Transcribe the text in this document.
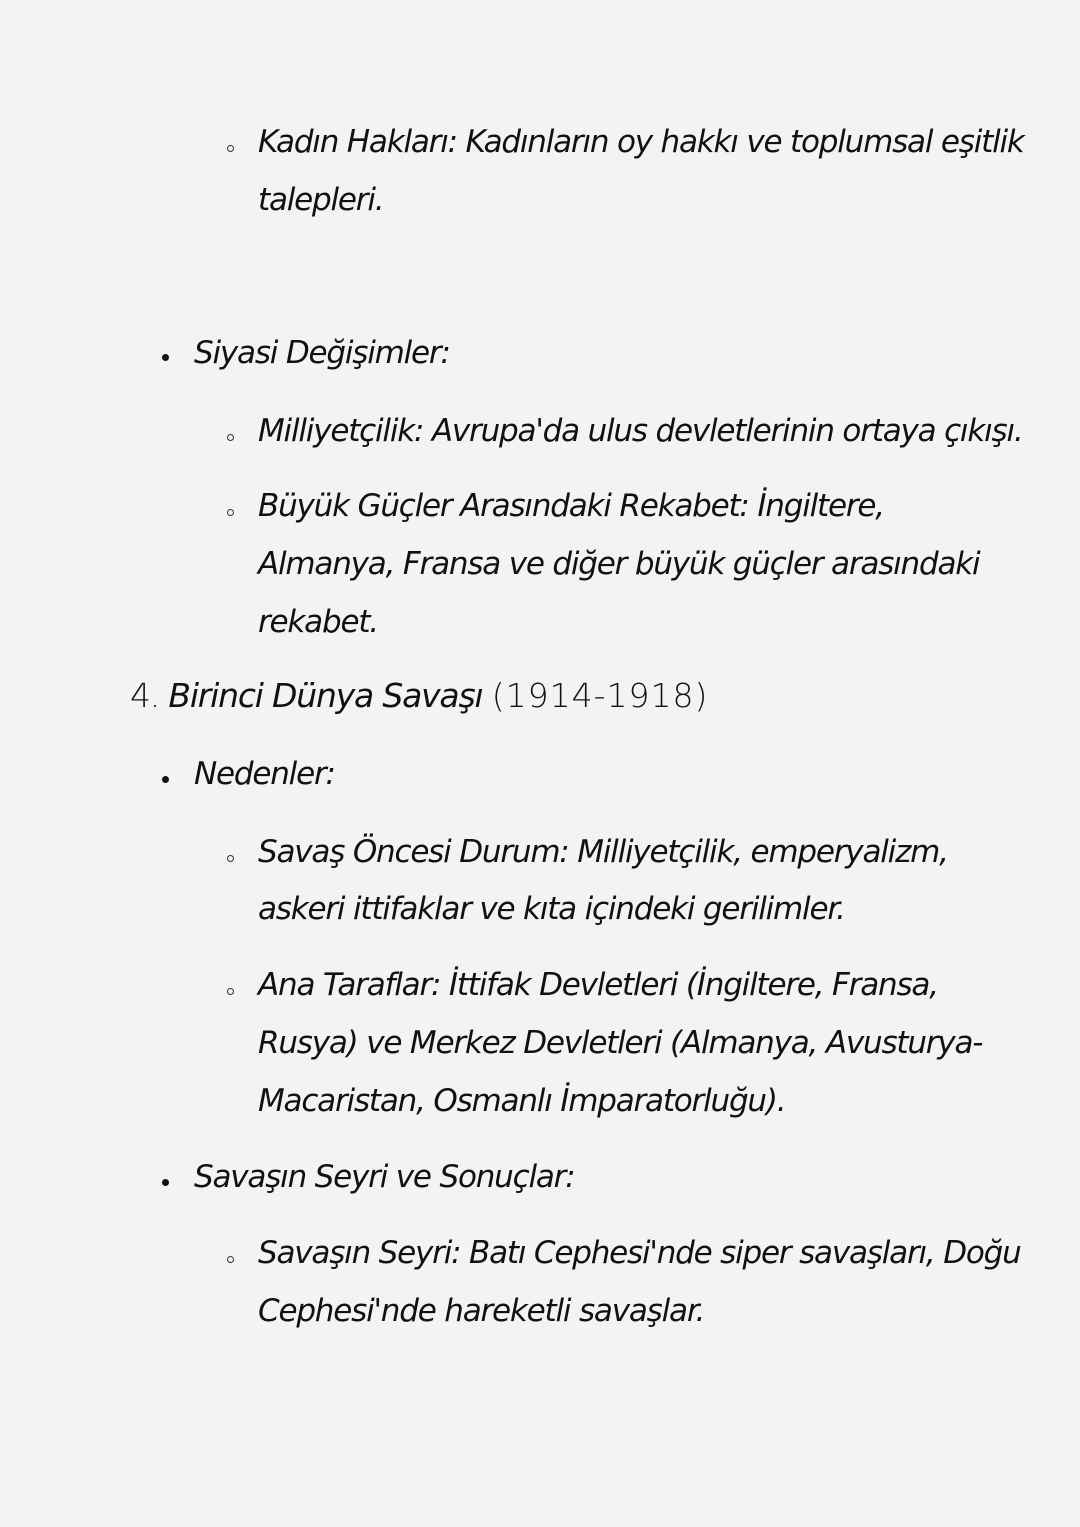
Kadın Hakları: Kadınların oy hakkı ve toplumsal eşitlik
talepleri.
Siyasi Değişimler:
Milliyetçilik: Avrupa'da ulus devletlerinin ortaya çıkışı.
Büyük Güçler Arasındaki Rekabet: İngiltere,
Almanya, Fransa ve diğer büyük güçler arasındaki
rekabet.
4. Birinci Dünya Savaşı (1914-1918)
Nedenler:
Savaş Öncesi Durum: Milliyetçilik, emperyalizm,
askeri ittifaklar ve kıta içindeki gerilimler.
Ana Taraflar: İttifak Devletleri (İngiltere, Fransa,
Rusya) ve Merkez Devletleri (Almanya, Avusturya-
Macaristan, Osmanlı İmparatorluğu).
Savaşın Seyri ve Sonuçlar:
Savaşın Seyri: Batı Cephesi'nde siper savaşları, Doğu
Cephesi'nde hareketli savaşlar.
